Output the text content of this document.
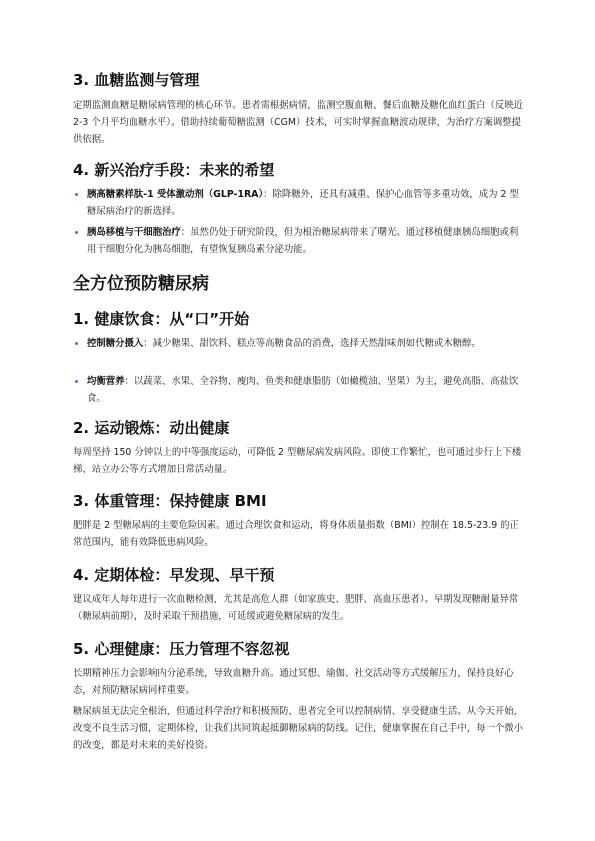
3. 血糖监测与管理

定期监测血糖是糖尿病管理的核心环节。患者需根据病情，监测空腹血糖、餐后血糖及糖化血红蛋白（反映近 2-3 个月平均血糖水平）。借助持续葡萄糖监测（CGM）技术，可实时掌握血糖波动规律，为治疗方案调整提供依据。

4. 新兴治疗手段：未来的希望
胰高糖素样肽-1 受体激动剂（GLP-1RA）：除降糖外，还具有减重、保护心血管等多重功效，成为 2 型糖尿病治疗的新选择。
胰岛移植与干细胞治疗：虽然仍处于研究阶段，但为根治糖尿病带来了曙光。通过移植健康胰岛细胞或利用干细胞分化为胰岛细胞，有望恢复胰岛素分泌功能。
全方位预防糖尿病
1. 健康饮食：从“口”开始
控制糖分摄入：减少糖果、甜饮料、糕点等高糖食品的消费，选择天然甜味剂如代糖或木糖醇。
均衡营养：以蔬菜、水果、全谷物、瘦肉、鱼类和健康脂肪（如橄榄油、坚果）为主，避免高脂、高盐饮食。
2. 运动锻炼：动出健康

每周坚持 150 分钟以上的中等强度运动，可降低 2 型糖尿病发病风险。即使工作繁忙，也可通过步行上下楼梯、站立办公等方式增加日常活动量。

3. 体重管理：保持健康 BMI

肥胖是 2 型糖尿病的主要危险因素。通过合理饮食和运动，将身体质量指数（BMI）控制在 18.5-23.9 的正常范围内，能有效降低患病风险。

4. 定期体检：早发现、早干预

建议成年人每年进行一次血糖检测，尤其是高危人群（如家族史、肥胖、高血压患者）。早期发现糖耐量异常（糖尿病前期），及时采取干预措施，可延缓或避免糖尿病的发生。

5. 心理健康：压力管理不容忽视

长期精神压力会影响内分泌系统，导致血糖升高。通过冥想、瑜伽、社交活动等方式缓解压力，保持良好心态，对预防糖尿病同样重要。

糖尿病虽无法完全根治，但通过科学治疗和积极预防，患者完全可以控制病情、享受健康生活。从今天开始，改变不良生活习惯，定期体检，让我们共同筑起抵御糖尿病的防线。记住，健康掌握在自己手中，每一个微小的改变，都是对未来的美好投资。
